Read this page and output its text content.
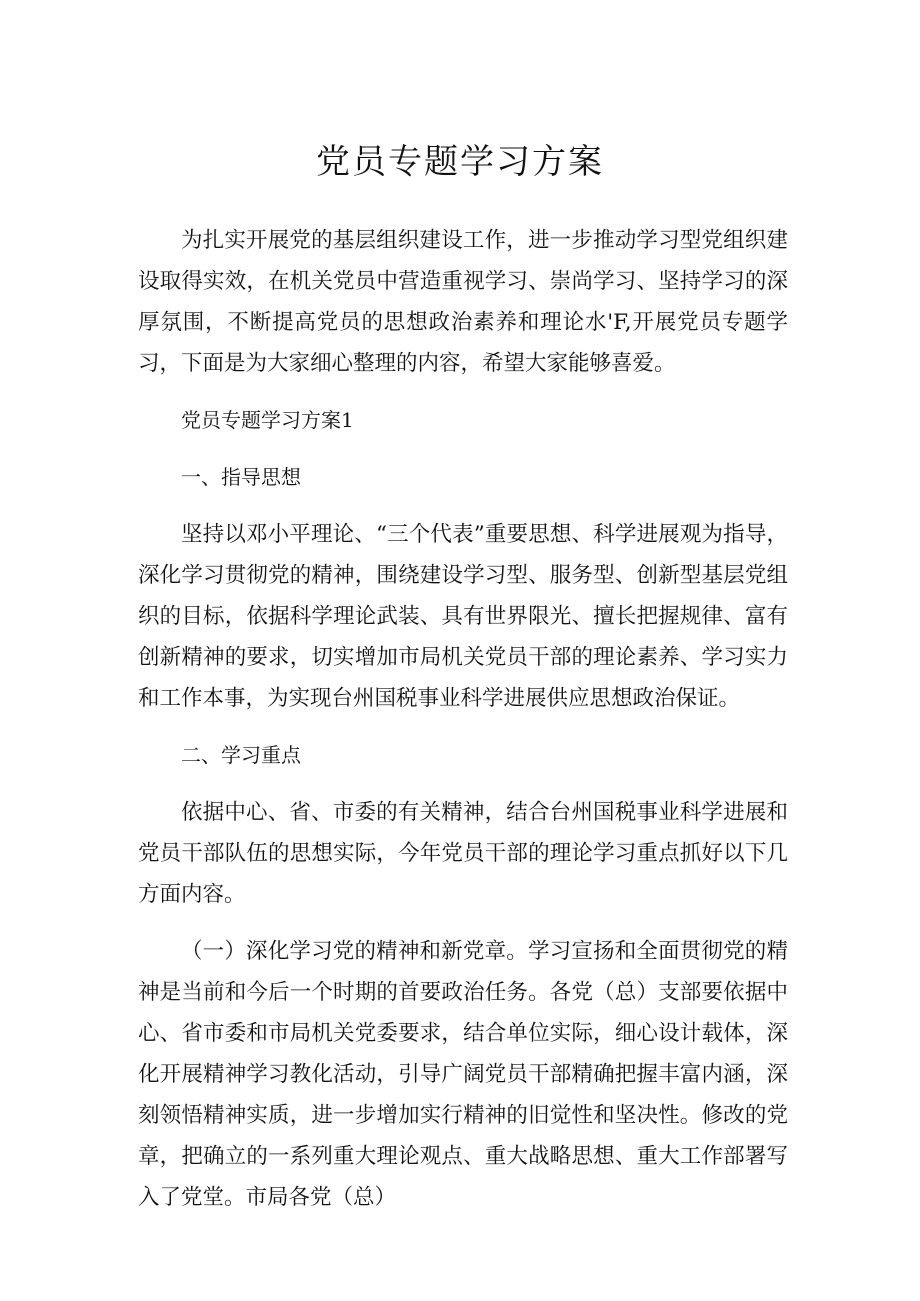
党员专题学习方案

为扎实开展党的基层组织建设工作，进一步推动学习型党组织建设取得实效，在机关党员中营造重视学习、崇尚学习、坚持学习的深厚氛围，不断提高党员的思想政治素养和理论水'F,开展党员专题学习，下面是为大家细心整理的内容，希望大家能够喜爱。

党员专题学习方案1

一、指导思想

坚持以邓小平理论、“三个代表”重要思想、科学进展观为指导，深化学习贯彻党的精神，围绕建设学习型、服务型、创新型基层党组织的目标，依据科学理论武装、具有世界限光、擅长把握规律、富有创新精神的要求，切实增加市局机关党员干部的理论素养、学习实力和工作本事，为实现台州国税事业科学进展供应思想政治保证。

二、学习重点

依据中心、省、市委的有关精神，结合台州国税事业科学进展和党员干部队伍的思想实际，今年党员干部的理论学习重点抓好以下几方面内容。

（一）深化学习党的精神和新党章。学习宣扬和全面贯彻党的精神是当前和今后一个时期的首要政治任务。各党（总）支部要依据中心、省市委和市局机关党委要求，结合单位实际，细心设计载体，深化开展精神学习教化活动，引导广阔党员干部精确把握丰富内涵，深刻领悟精神实质，进一步增加实行精神的旧觉性和坚决性。修改的党章，把确立的一系列重大理论观点、重大战略思想、重大工作部署写入了党堂。市局各党（总）
